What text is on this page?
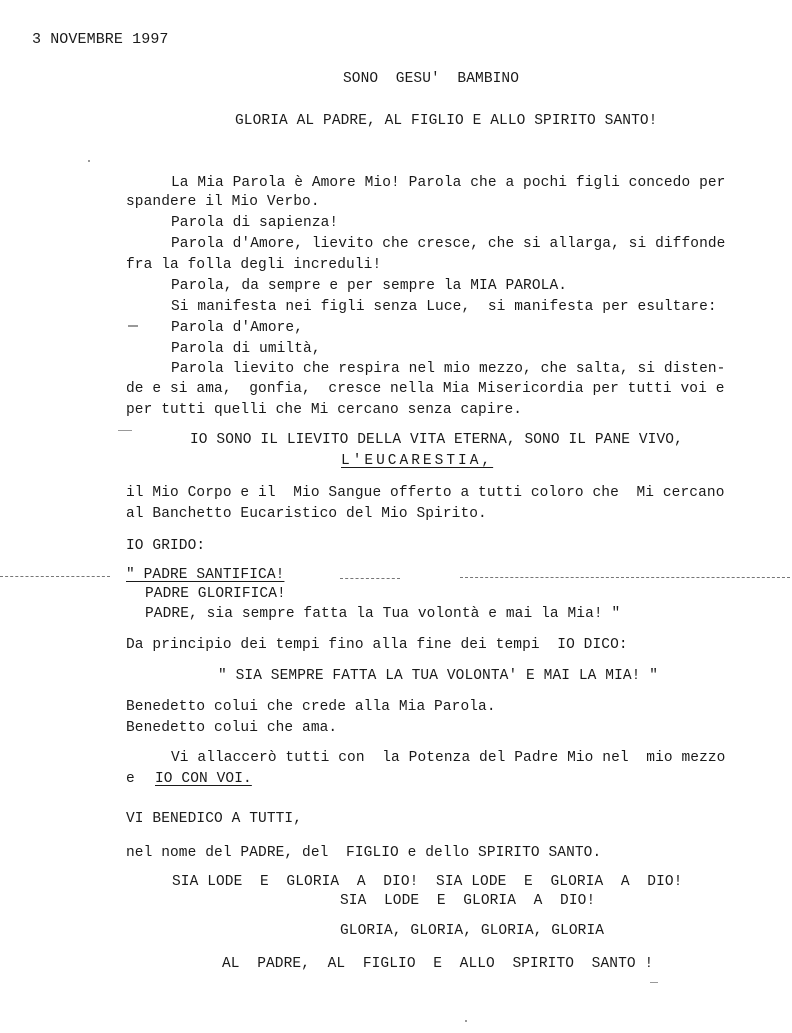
3 NOVEMBRE 1997
SONO  GESU'  BAMBINO
GLORIA AL PADRE, AL FIGLIO E ALLO SPIRITO SANTO!
La Mia Parola è Amore Mio! Parola che a pochi figli concedo per
spandere il Mio Verbo.
Parola di sapienza!
Parola d'Amore, lievito che cresce, che si allarga, si diffonde
fra la folla degli increduli!
Parola, da sempre e per sempre la MIA PAROLA.
Si manifesta nei figli senza Luce,  si manifesta per esultare:
Parola d'Amore,
Parola di umiltà,
Parola lievito che respira nel mio mezzo, che salta, si disten-
de e si ama,  gonfia,  cresce nella Mia Misericordia per tutti voi e
per tutti quelli che Mi cercano senza capire.
IO SONO IL LIEVITO DELLA VITA ETERNA, SONO IL PANE VIVO,
L'EUCARESTIA,
il Mio Corpo e il  Mio Sangue offerto a tutti coloro che  Mi cercano
al Banchetto Eucaristico del Mio Spirito.
IO GRIDO:
" PADRE SANTIFICA!
PADRE GLORIFICA!
PADRE, sia sempre fatta la Tua volontà e mai la Mia! "
Da principio dei tempi fino alla fine dei tempi  IO DICO:
" SIA SEMPRE FATTA LA TUA VOLONTA' E MAI LA MIA! "
Benedetto colui che crede alla Mia Parola.
Benedetto colui che ama.
Vi allaccerò tutti con  la Potenza del Padre Mio nel  mio mezzo
e IO CON VOI.
VI BENEDICO A TUTTI,
nel nome del PADRE, del  FIGLIO e dello SPIRITO SANTO.
SIA LODE  E  GLORIA  A  DIO!  SIA LODE  E  GLORIA  A  DIO!
SIA  LODE  E  GLORIA  A  DIO!
GLORIA, GLORIA, GLORIA, GLORIA
AL  PADRE,  AL  FIGLIO  E  ALLO  SPIRITO  SANTO !
